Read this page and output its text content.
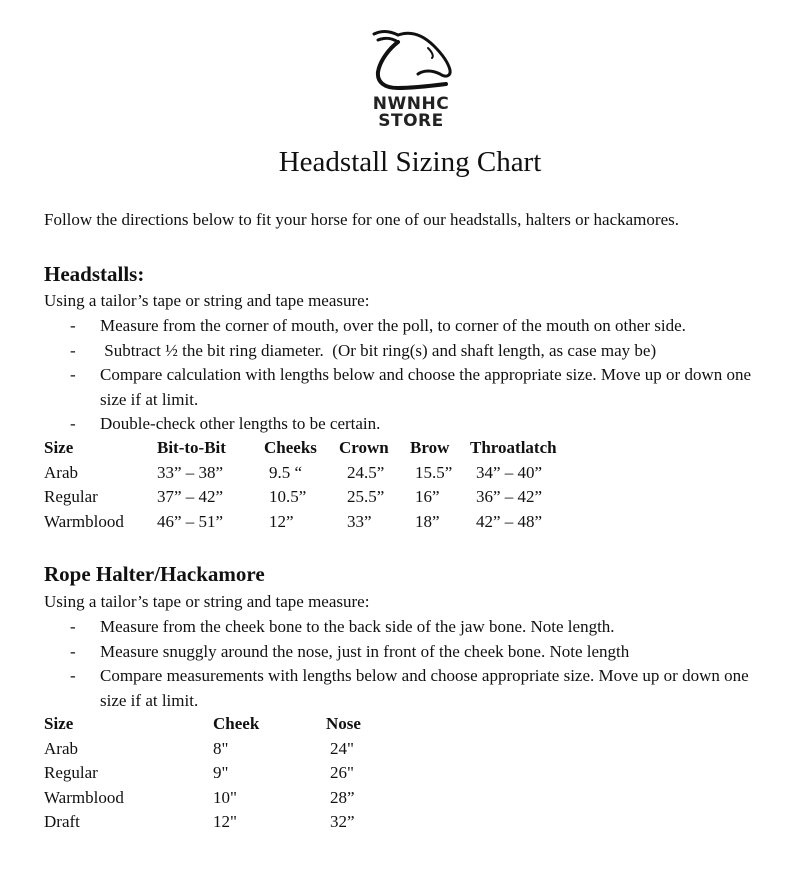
NWNHC
STORE
Headstall Sizing Chart
Follow the directions below to fit your horse for one of our headstalls, halters or hackamores.
Headstalls:
Using a tailor’s tape or string and tape measure:
- Measure from the corner of mouth, over the poll, to corner of the mouth on other side.
- Subtract ½ the bit ring diameter.  (Or bit ring(s) and shaft length, as case may be)
- Compare calculation with lengths below and choose the appropriate size. Move up or down one size if at limit.
- Double-check other lengths to be certain.
Size	Bit-to-Bit Cheeks Crown Brow Throatlatch
Arab	33” – 38”	9.5 “	24.5” 15.5” 34” – 40”
Regular	37” – 42”	10.5” 25.5” 16” 36” – 42”
Warmblood 46” – 51”	12”	33”	18” 42” – 48”
Rope Halter/Hackamore
Using a tailor’s tape or string and tape measure:
- Measure from the cheek bone to the back side of the jaw bone. Note length.
- Measure snuggly around the nose, just in front of the cheek bone. Note length
- Compare measurements with lengths below and choose appropriate size. Move up or down one size if at limit.
Size	Cheek	Nose
Arab	8"	24"
Regular	9"	26"
Warmblood	10"	28”
Draft	12"	32”
